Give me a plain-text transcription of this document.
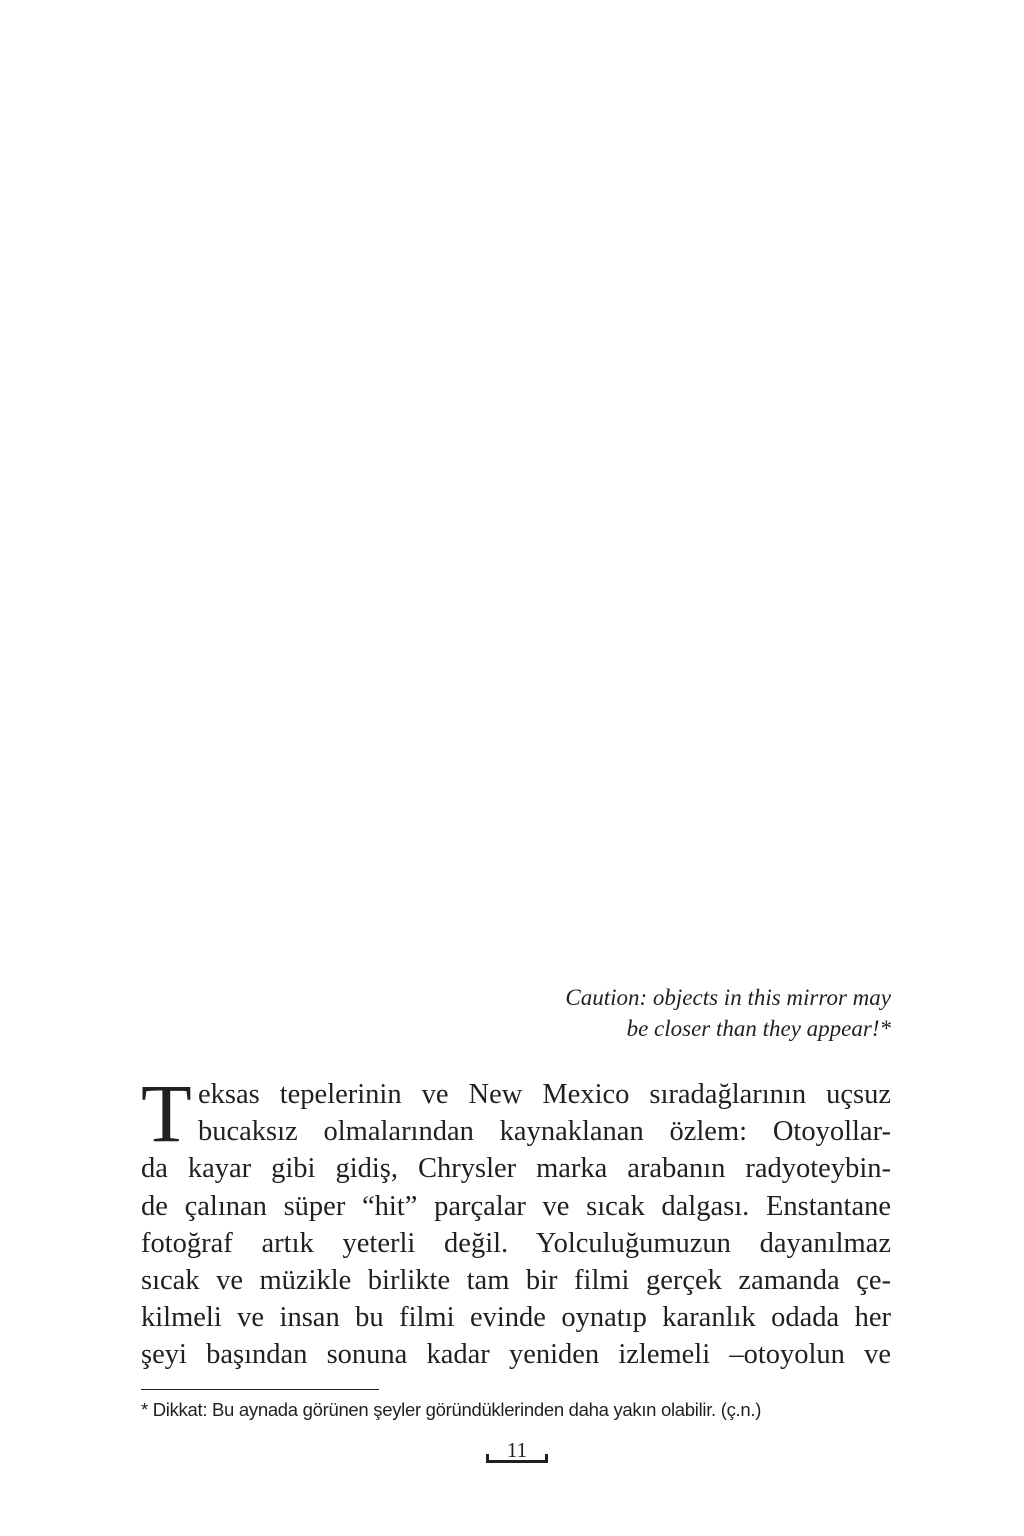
Caution: objects in this mirror may
be closer than they appear!*
T eksas tepelerinin ve New Mexico sıradağlarının uçsuz
bucaksız olmalarından kaynaklanan özlem: Otoyollar-
da kayar gibi gidiş, Chrysler marka arabanın radyoteybin-
de çalınan süper “hit” parçalar ve sıcak dalgası. Enstantane
fotoğraf artık yeterli değil. Yolculuğumuzun dayanılmaz
sıcak ve müzikle birlikte tam bir filmi gerçek zamanda çe-
kilmeli ve insan bu filmi evinde oynatıp karanlık odada her
şeyi başından sonuna kadar yeniden izlemeli –otoyolun ve
* Dikkat: Bu aynada görünen şeyler göründüklerinden daha yakın olabilir. (ç.n.)
11
